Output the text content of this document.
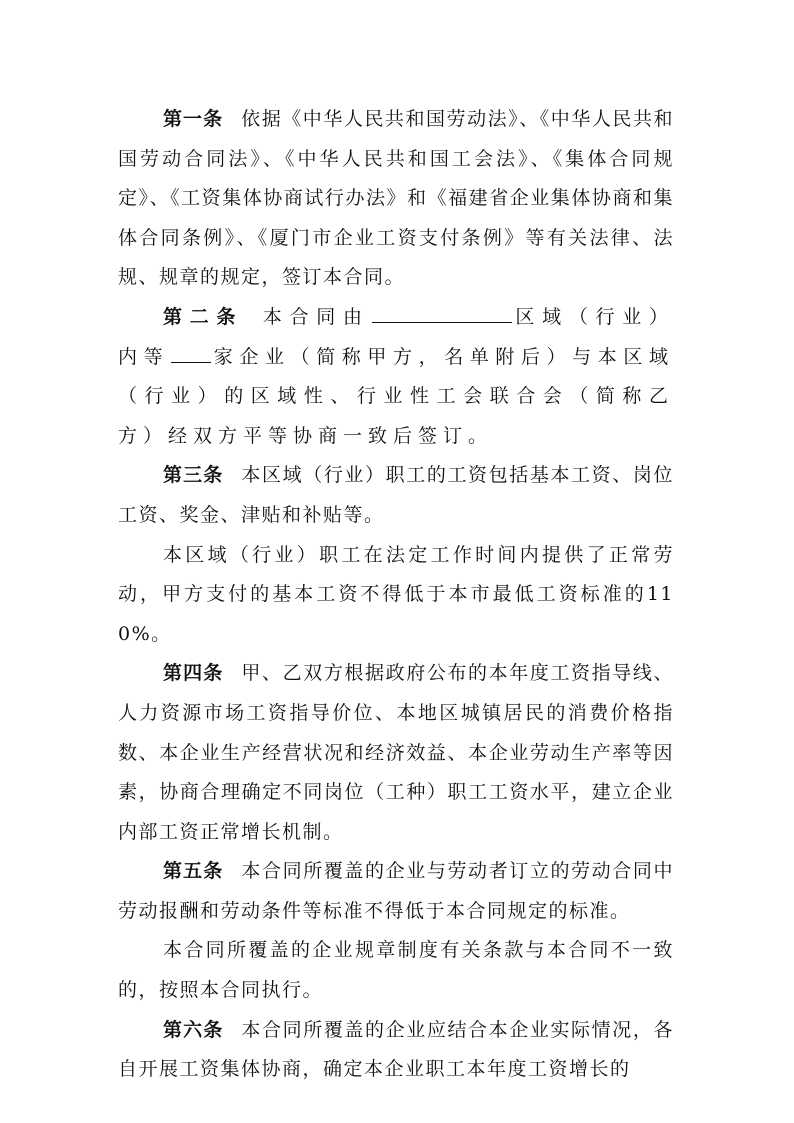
第一条 依据《中华人民共和国劳动法》、《中华人民共和国劳动合同法》、《中华人民共和国工会法》、《集体合同规定》、《工资集体协商试行办法》和《福建省企业集体协商和集体合同条例》、《厦门市企业工资支付条例》等有关法律、法规、规章的规定，签订本合同。

第二条 本合同由	区域（行业）内等 家企业（简称甲方，名单附后）与本区域（行业）的区域性、行业性工会联合会（简称乙方）经双方平等协商一致后签订。

第三条 本区域（行业）职工的工资包括基本工资、岗位工资、奖金、津贴和补贴等。

本区域（行业）职工在法定工作时间内提供了正常劳动，甲方支付的基本工资不得低于本市最低工资标准的110%。

第四条 甲、乙双方根据政府公布的本年度工资指导线、人力资源市场工资指导价位、本地区城镇居民的消费价格指数、本企业生产经营状况和经济效益、本企业劳动生产率等因素，协商合理确定不同岗位（工种）职工工资水平，建立企业内部工资正常增长机制。

第五条 本合同所覆盖的企业与劳动者订立的劳动合同中劳动报酬和劳动条件等标准不得低于本合同规定的标准。

本合同所覆盖的企业规章制度有关条款与本合同不一致的，按照本合同执行。

第六条 本合同所覆盖的企业应结合本企业实际情况，各自开展工资集体协商，确定本企业职工本年度工资增长的
